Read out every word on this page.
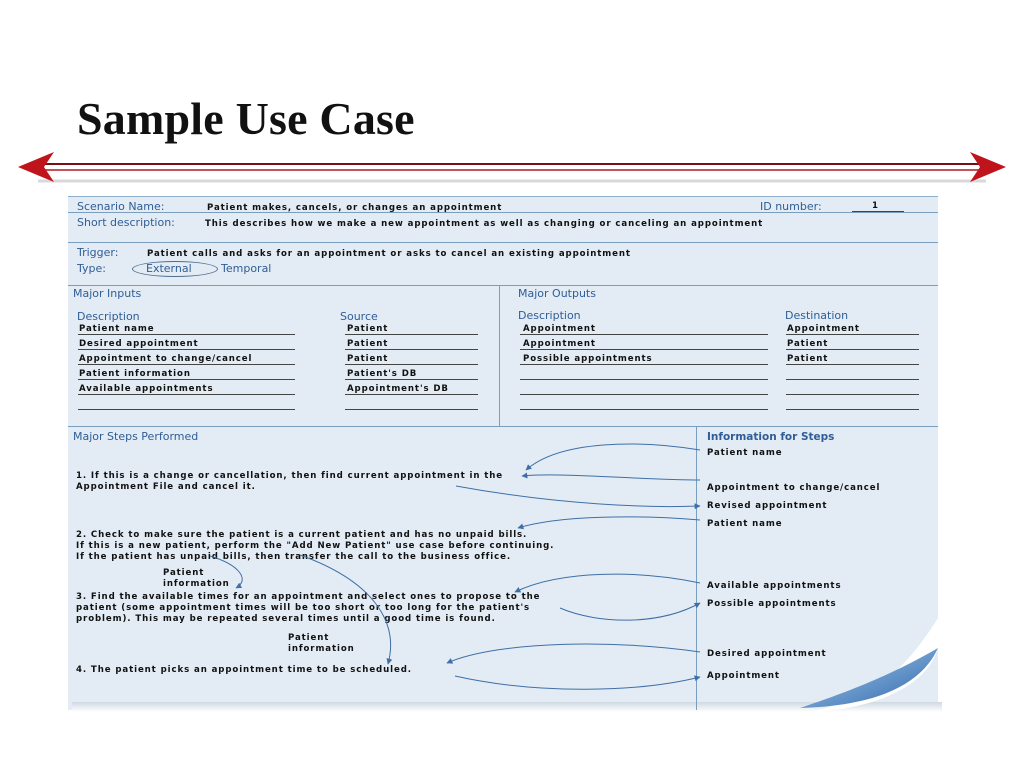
Sample Use Case
Scenario Name:	Patient makes, cancels, or changes an appointment	ID number:	1
Short description:	This describes how we make a new appointment as well as changing or canceling an appointment
Trigger:	Patient calls and asks for an appointment or asks to cancel an existing appointment
Type:	External	Temporal
Major Inputs
Description	Source
Patient name	Patient
Desired appointment	Patient
Appointment to change/cancel	Patient
Patient information	Patient's DB
Available appointments	Appointment's DB
Major Outputs
Description	Destination
Appointment	Appointment
Appointment	Patient
Possible appointments	Patient
Major Steps Performed
1. If this is a change or cancellation, then find current appointment in the
Appointment File and cancel it.
2. Check to make sure the patient is a current patient and has no unpaid bills.
If this is a new patient, perform the "Add New Patient" use case before continuing.
If the patient has unpaid bills, then transfer the call to the business office.
3. Find the available times for an appointment and select ones to propose to the
patient (some appointment times will be too short or too long for the patient's
problem). This may be repeated several times until a good time is found.
4. The patient picks an appointment time to be scheduled.
Patient
information
Patient
information
Information for Steps
Patient name
Appointment to change/cancel
Revised appointment
Patient name
Available appointments
Possible appointments
Desired appointment
Appointment
